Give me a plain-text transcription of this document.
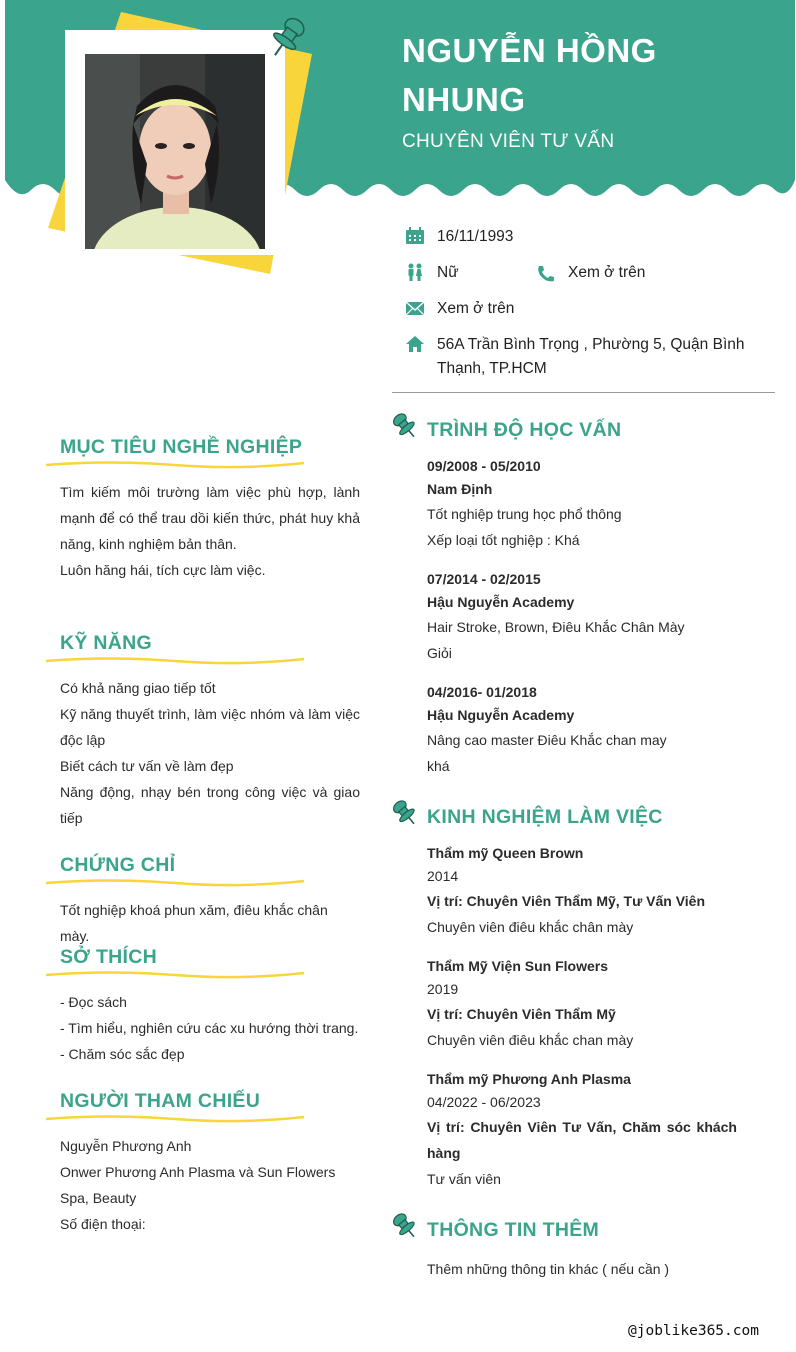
NGUYỄN HỒNG NHUNG
CHUYÊN VIÊN TƯ VẤN
16/11/1993
Nữ	Xem ở trên
Xem ở trên
56A Trần Bình Trọng , Phường 5, Quận Bình Thạnh, TP.HCM
MỤC TIÊU NGHỀ NGHIỆP

Tìm kiếm môi trường làm việc phù hợp, lành mạnh để có thể trau dồi kiến thức, phát huy khả năng, kinh nghiệm bản thân.

Luôn hăng hái, tích cực làm việc.

KỸ NĂNG

Có khả năng giao tiếp tốt

Kỹ năng thuyết trình, làm việc nhóm và làm việc độc lập

Biết cách tư vấn về làm đẹp

Năng động, nhạy bén trong công việc và giao tiếp

CHỨNG CHỈ

Tốt nghiệp khoá phun xăm, điêu khắc chân mày.

SỞ THÍCH

- Đọc sách

- Tìm hiểu, nghiên cứu các xu hướng thời trang.

- Chăm sóc sắc đẹp

NGƯỜI THAM CHIẾU

Nguyễn Phương Anh

Onwer Phương Anh Plasma và Sun Flowers Spa, Beauty

Số điện thoại:

TRÌNH ĐỘ HỌC VẤN
09/2008 - 05/2010
Nam Định
Tốt nghiệp trung học phổ thông
Xếp loại tốt nghiệp : Khá
07/2014 - 02/2015
Hậu Nguyễn Academy
Hair Stroke, Brown, Điêu Khắc Chân Mày
Giỏi
04/2016- 01/2018
Hậu Nguyễn Academy
Nâng cao master Điêu Khắc chan may
khá
KINH NGHIỆM LÀM VIỆC
Thẩm mỹ Queen Brown
2014
Vị trí: Chuyên Viên Thẩm Mỹ, Tư Vấn Viên
Chuyên viên điêu khắc chân mày
Thẩm Mỹ Viện Sun Flowers
2019
Vị trí: Chuyên Viên Thẩm Mỹ
Chuyên viên điêu khắc chan mày
Thẩm mỹ Phương Anh Plasma
04/2022 - 06/2023
Vị trí: Chuyên Viên Tư Vấn, Chăm sóc khách hàng
Tư vấn viên
THÔNG TIN THÊM
Thêm những thông tin khác ( nếu cần )
@joblike365.com
